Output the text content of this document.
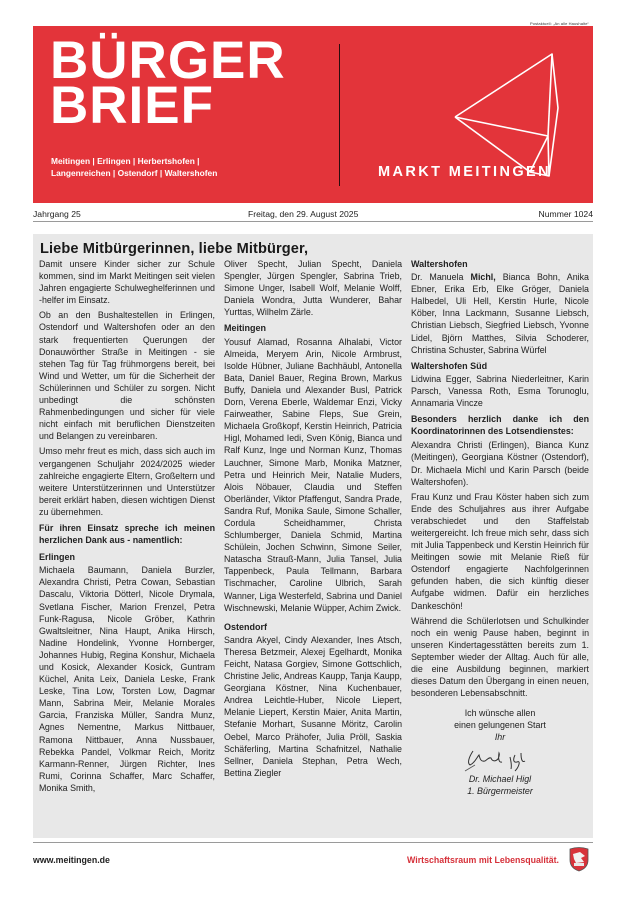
Postaktuell: „An alle Haushalte“
BÜRGER
BRIEF
Meitingen | Erlingen | Herbertshofen |
Langenreichen | Ostendorf | Waltershofen	MARKT MEITINGEN
Jahrgang 25	Freitag, den 29. August 2025	Nummer 1024
Liebe Mitbürgerinnen, liebe Mitbürger,

Damit unsere Kinder sicher zur Schule kommen, sind im Markt Meitingen seit vielen Jahren engagierte Schulweghelferinnen und -helfer im Einsatz.

Ob an den Bushaltestellen in Erlingen, Ostendorf und Waltershofen oder an den stark frequentierten Querungen der Donauwörther Straße in Meitingen - sie stehen Tag für Tag frühmorgens bereit, bei Wind und Wetter, um für die Sicherheit der Schülerinnen und Schüler zu sorgen. Nicht unbedingt die schönsten Rahmenbedingungen und sicher für viele nicht einfach mit beruflichen Dienstzeiten und Belangen zu vereinbaren.

Umso mehr freut es mich, dass sich auch im vergangenen Schuljahr 2024/2025 wieder zahlreiche engagierte Eltern, Großeltern und weitere Unterstützerinnen und Unterstützer bereit erklärt haben, diesen wichtigen Dienst zu übernehmen.

Für ihren Einsatz spreche ich meinen herzlichen Dank aus - namentlich:

Erlingen

Michaela Baumann, Daniela Burzler, Alexandra Christi, Petra Cowan, Sebastian Dascalu, Viktoria Dötterl, Nicole Drymala, Svetlana Fischer, Marion Frenzel, Petra Funk-Ragusa, Nicole Gröber, Kathrin Gwaltsleitner, Nina Haupt, Anika Hirsch, Nadine Hondelink, Yvonne Hornberger, Johannes Hubig, Regina Konshur, Michaela und Kosick, Alexander Kosick, Guntram Küchel, Anita Leix, Daniela Leske, Frank Leske, Tina Low, Torsten Low, Dagmar Mann, Sabrina Meir, Melanie Morales Garcia, Franziska Müller, Sandra Munz, Agnes Nementne, Markus Nittbauer, Ramona Nittbauer, Anna Nussbauer, Rebekka Pandel, Volkmar Reich, Moritz Karmann-Renner, Jürgen Richter, Ines Rumi, Corinna Schaffer, Marc Schaffer, Monika Smith,

Oliver Specht, Julian Specht, Daniela Spengler, Jürgen Spengler, Sabrina Trieb, Simone Unger, Isabell Wolf, Melanie Wolff, Daniela Wondra, Jutta Wunderer, Bahar Yurttas, Wilhelm Zärle.

Meitingen

Yousuf Alamad, Rosanna Alhalabi, Victor Almeida, Meryem Arin, Nicole Armbrust, Isolde Hübner, Juliane Bachhäubl, Antonella Bata, Daniel Bauer, Regina Brown, Markus Buffy, Daniela und Alexander Busl, Patrick Dorn, Verena Eberle, Waldemar Enzi, Vicky Fairweather, Sabine Fleps, Sue Grein, Michaela Großkopf, Kerstin Heinrich, Patricia Higl, Mohamed Iedi, Sven König, Bianca und Ralf Kunz, Inge und Norman Kunz, Thomas Lauchner, Simone Marb, Monika Matzner, Petra und Heinrich Meir, Natalie Muders, Alois Nöbauer, Claudia und Steffen Oberländer, Viktor Pfaffengut, Sandra Prade, Sandra Ruf, Monika Saule, Simone Schaller, Cordula Scheidhammer, Christa Schlumberger, Daniela Schmid, Martina Schülein, Jochen Schwinn, Simone Seiler, Natascha Strauß-Mann, Julia Tansel, Julia Tappenbeck, Paula Tellmann, Barbara Tischmacher, Caroline Ulbrich, Sarah Wanner, Liga Westerfeld, Sabrina und Daniel Wischnewski, Melanie Wüpper, Achim Zwick.

Ostendorf

Sandra Akyel, Cindy Alexander, Ines Atsch, Theresa Betzmeir, Alexej Egelhardt, Monika Feicht, Natasa Gorgiev, Simone Gottschlich, Christine Jelic, Andreas Kaupp, Tanja Kaupp, Georgiana Köstner, Nina Kuchenbauer, Andrea Leichtle-Huber, Nicole Liepert, Melanie Liepert, Kerstin Maier, Anita Martin, Stefanie Morhart, Susanne Möritz, Carolin Oebel, Marco Prähofer, Julia Pröll, Saskia Schäferling, Martina Schafnitzel, Nathalie Sellner, Daniela Stephan, Petra Wech, Bettina Ziegler

Waltershofen

Dr. Manuela Michl, Bianca Bohn, Anika Ebner, Erika Erb, Elke Gröger, Daniela Halbedel, Uli Hell, Kerstin Hurle, Nicole Köber, Inna Lackmann, Susanne Liebsch, Christian Liebsch, Siegfried Liebsch, Yvonne Lidel, Björn Matthes, Silvia Schoderer, Christina Schuster, Sabrina Würfel

Waltershofen Süd

Lidwina Egger, Sabrina Niederleitner, Karin Parsch, Vanessa Roth, Esma Torunoglu, Annamaria Vincze

Besonders herzlich danke ich den Koordinatorinnen des Lotsendienstes:

Alexandra Christi (Erlingen), Bianca Kunz (Meitingen), Georgiana Köstner (Ostendorf), Dr. Michaela Michl und Karin Parsch (beide Waltershofen).

Frau Kunz und Frau Köster haben sich zum Ende des Schuljahres aus ihrer Aufgabe verabschiedet und den Staffelstab weitergereicht. Ich freue mich sehr, dass sich mit Julia Tappenbeck und Kerstin Heinrich für Meitingen sowie mit Melanie Rieß für Ostendorf engagierte Nachfolgerinnen gefunden haben, die sich künftig dieser Aufgabe widmen. Dafür ein herzliches Dankeschön!

Während die Schülerlotsen und Schulkinder noch ein wenig Pause haben, beginnt in unseren Kindertagesstätten bereits zum 1. September wieder der Alltag. Auch für alle, die eine Ausbildung beginnen, markiert dieses Datum den Übergang in einen neuen, besonderen Lebensabschnitt.

Ich wünsche allen
einen gelungenen Start
Ihr
Dr. Michael Higl
1. Bürgermeister
www.meitingen.de	Wirtschaftsraum mit Lebensqualität.
